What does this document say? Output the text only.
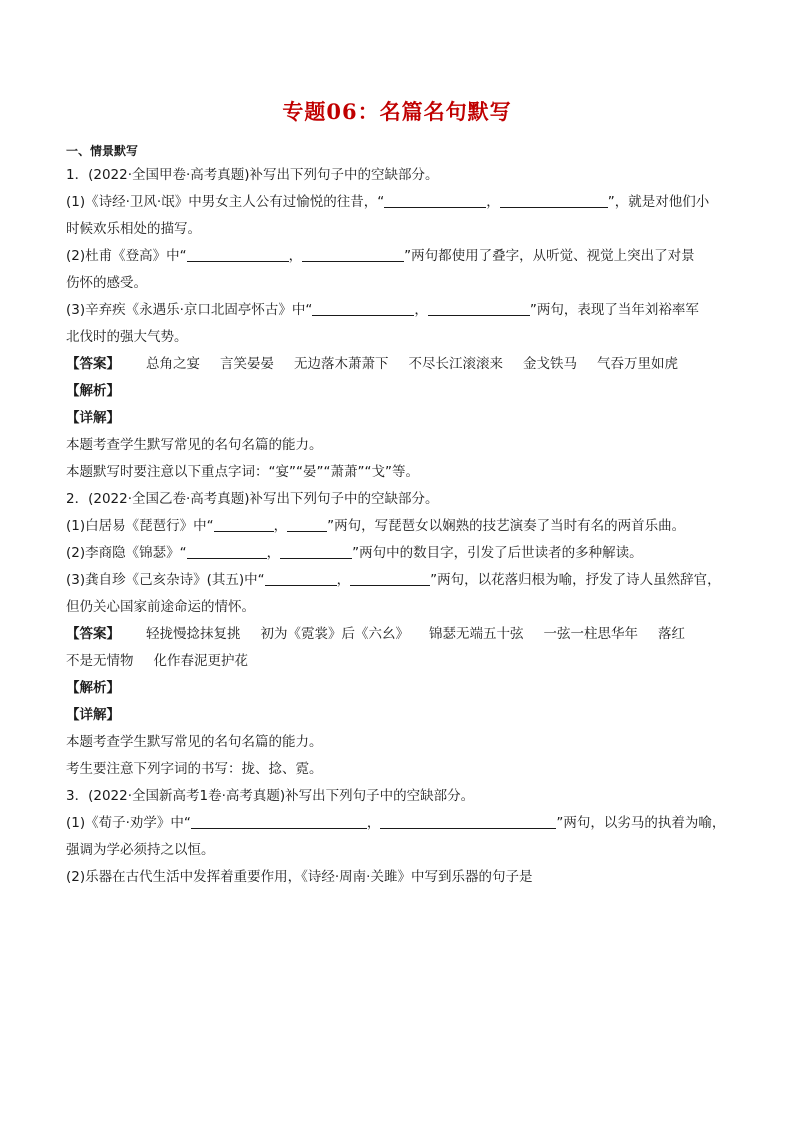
专题06：名篇名句默写
一、情景默写
1．(2022·全国甲卷·高考真题)补写出下列句子中的空缺部分。
(1)《诗经·卫风·氓》中男女主人公有过愉悦的往昔，“	，	”，就是对他们小
时候欢乐相处的描写。
(2)杜甫《登高》中“	，	”两句都使用了叠字，从听觉、视觉上突出了对景
伤怀的感受。
(3)辛弃疾《永遇乐·京口北固亭怀古》中“	，	”两句，表现了当年刘裕率军
北伐时的强大气势。
【答案】 总角之宴 言笑晏晏 无边落木萧萧下 不尽长江滚滚来 金戈铁马 气吞万里如虎
【解析】
【详解】
本题考查学生默写常见的名句名篇的能力。
本题默写时要注意以下重点字词：“宴”“晏”“萧萧”“戈”等。
2．(2022·全国乙卷·高考真题)补写出下列句子中的空缺部分。
(1)白居易《琵琶行》中“	，	”两句，写琵琶女以娴熟的技艺演奏了当时有名的两首乐曲。
(2)李商隐《锦瑟》“	，	”两句中的数目字，引发了后世读者的多种解读。
(3)龚自珍《己亥杂诗》(其五)中“	，	”两句，以花落归根为喻，抒发了诗人虽然辞官，
但仍关心国家前途命运的情怀。
【答案】 轻拢慢捻抹复挑 初为《霓裳》后《六幺》 锦瑟无端五十弦 一弦一柱思华年 落红
不是无情物 化作春泥更护花
【解析】
【详解】
本题考查学生默写常见的名句名篇的能力。
考生要注意下列字词的书写：拢、捻、霓。
3．(2022·全国新高考1卷·高考真题)补写出下列句子中的空缺部分。
(1)《荀子·劝学》中“	，	”两句，以劣马的执着为喻，
强调为学必须持之以恒。
(2)乐器在古代生活中发挥着重要作用，《诗经·周南·关雎》中写到乐器的句子是
